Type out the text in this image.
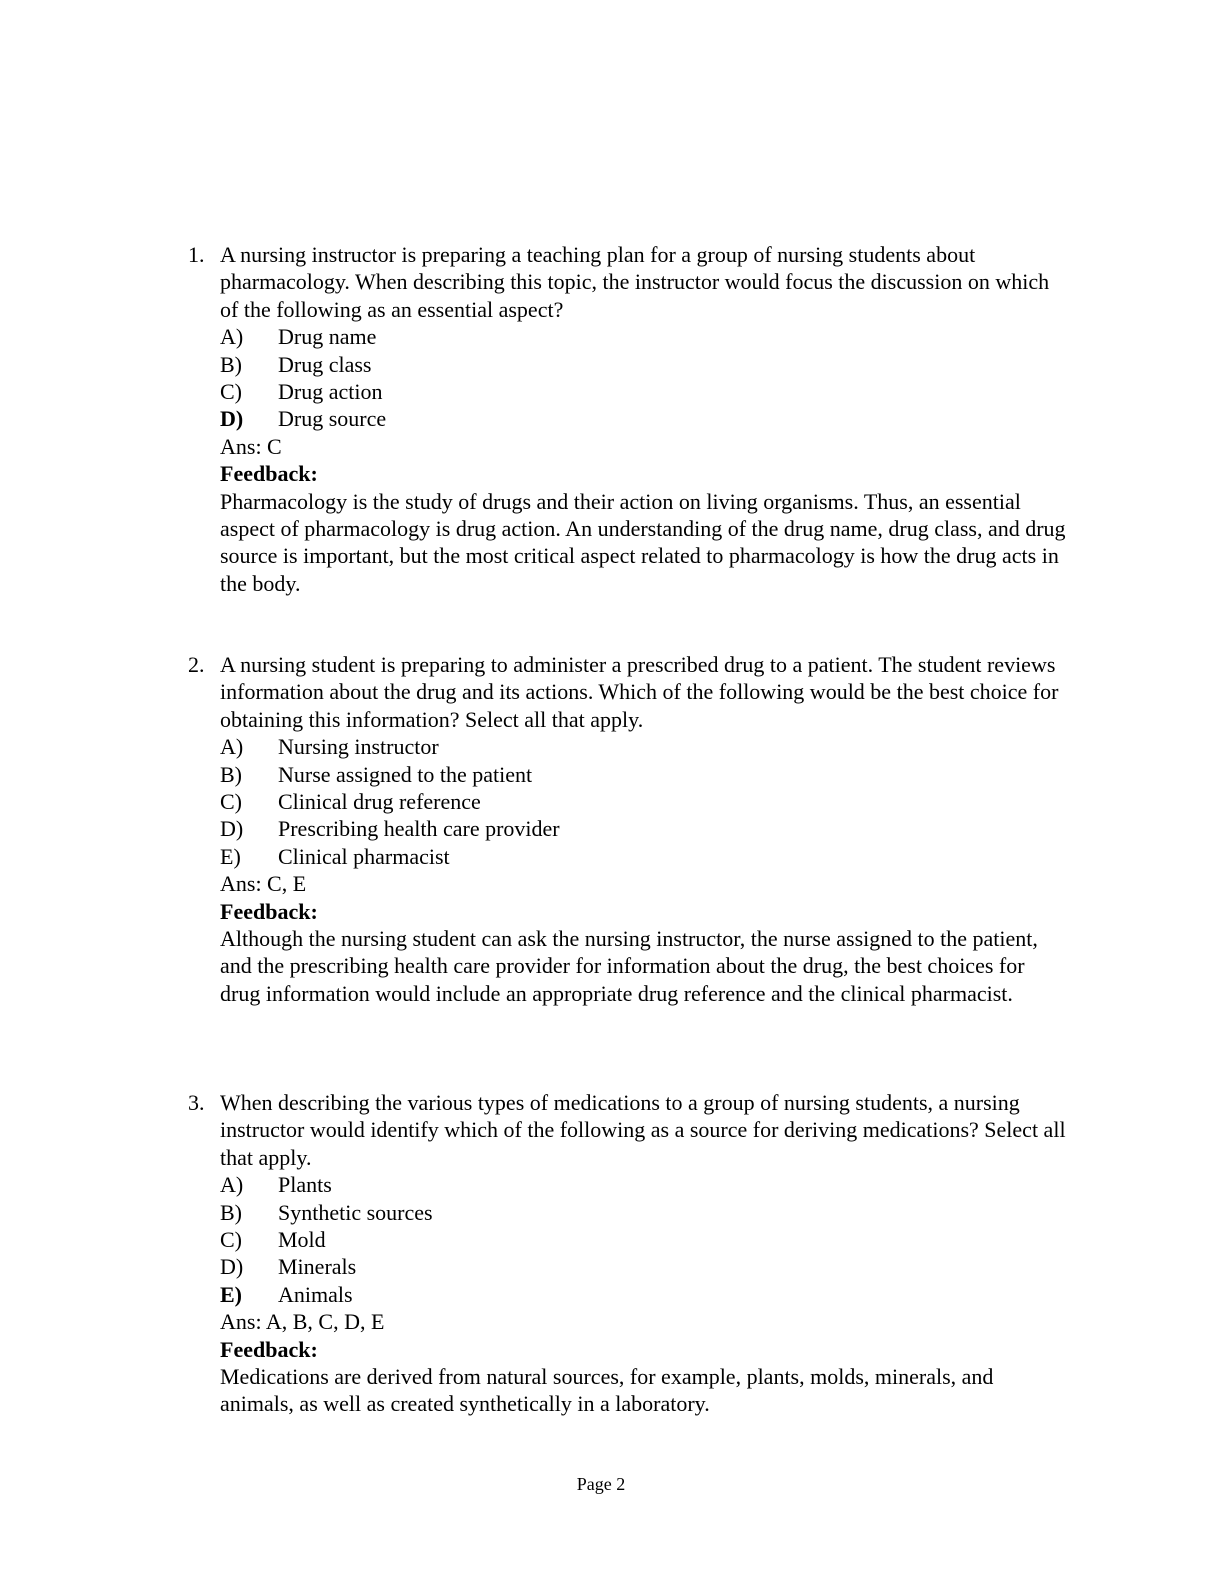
1. A nursing instructor is preparing a teaching plan for a group of nursing students about pharmacology. When describing this topic, the instructor would focus the discussion on which of the following as an essential aspect?
A)	Drug name
B)	Drug class
C)	Drug action
D)	Drug source
Ans: C
Feedback:
Pharmacology is the study of drugs and their action on living organisms. Thus, an essential aspect of pharmacology is drug action. An understanding of the drug name, drug class, and drug source is important, but the most critical aspect related to pharmacology is how the drug acts in the body.
2. A nursing student is preparing to administer a prescribed drug to a patient. The student reviews information about the drug and its actions. Which of the following would be the best choice for obtaining this information? Select all that apply.
A)	Nursing instructor
B)	Nurse assigned to the patient
C)	Clinical drug reference
D)	Prescribing health care provider
E)	Clinical pharmacist
Ans: C, E
Feedback:
Although the nursing student can ask the nursing instructor, the nurse assigned to the patient, and the prescribing health care provider for information about the drug, the best choices for drug information would include an appropriate drug reference and the clinical pharmacist.
3. When describing the various types of medications to a group of nursing students, a nursing instructor would identify which of the following as a source for deriving medications? Select all that apply.
A)	Plants
B)	Synthetic sources
C)	Mold
D)	Minerals
E)	Animals
Ans: A, B, C, D, E
Feedback:
Medications are derived from natural sources, for example, plants, molds, minerals, and animals, as well as created synthetically in a laboratory.
Page 2
